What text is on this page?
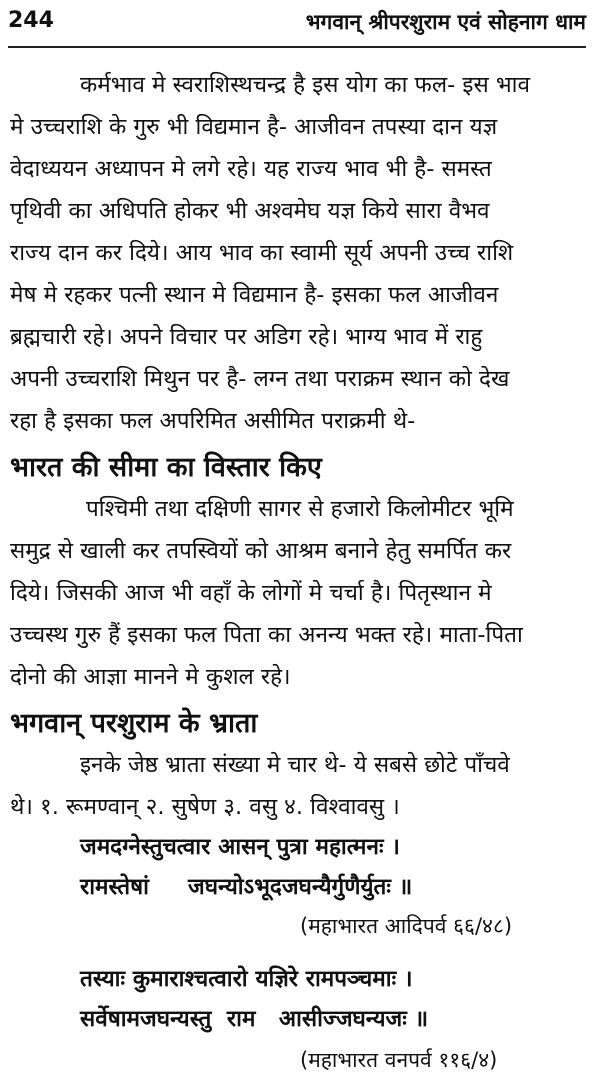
244	भगवान् श्रीपरशुराम एवं सोहनाग धाम
कर्मभाव मे स्वराशिस्थचन्द्र है इस योग का फल- इस भाव
मे उच्चराशि के गुरु भी विद्यमान है- आजीवन तपस्या दान यज्ञ
वेदाध्ययन अध्यापन मे लगे रहे। यह राज्य भाव भी है- समस्त
पृथिवी का अधिपति होकर भी अश्वमेघ यज्ञ किये सारा वैभव
राज्य दान कर दिये। आय भाव का स्वामी सूर्य अपनी उच्च राशि
मेष मे रहकर पत्नी स्थान मे विद्यमान है- इसका फल आजीवन
ब्रह्मचारी रहे। अपने विचार पर अडिग रहे। भाग्य भाव में राहु
अपनी उच्चराशि मिथुन पर है- लग्न तथा पराक्रम स्थान को देख
रहा है इसका फल अपरिमित असीमित पराक्रमी थे-
भारत की सीमा का विस्तार किए
पश्चिमी तथा दक्षिणी सागर से हजारो किलोमीटर भूमि
समुद्र से खाली कर तपस्वियों को आश्रम बनाने हेतु समर्पित कर
दिये। जिसकी आज भी वहाँ के लोगों मे चर्चा है। पितृस्थान मे
उच्चस्थ गुरु हैं इसका फल पिता का अनन्य भक्त रहे। माता-पिता
दोनो की आज्ञा मानने मे कुशल रहे।
भगवान् परशुराम के भ्राता
इनके जेष्ठ भ्राता संख्या मे चार थे- ये सबसे छोटे पाँचवे
थे। १. रूमण्वान् २. सुषेण ३. वसु ४. विश्वावसु ।
जमदग्नेस्तुचत्वार आसन् पुत्रा महात्मनः ।
रामस्तेषां     जघन्योऽभूदजघन्यैर्गुणैर्युतः ॥
(महाभारत आदिपर्व ६६/४८)
तस्याः कुमाराश्चत्वारो यज्ञिरे रामपञ्चमाः ।
सर्वेषामजघन्यस्तु  राम   आसीज्जघन्यजः ॥
(महाभारत वनपर्व ११६/४)
